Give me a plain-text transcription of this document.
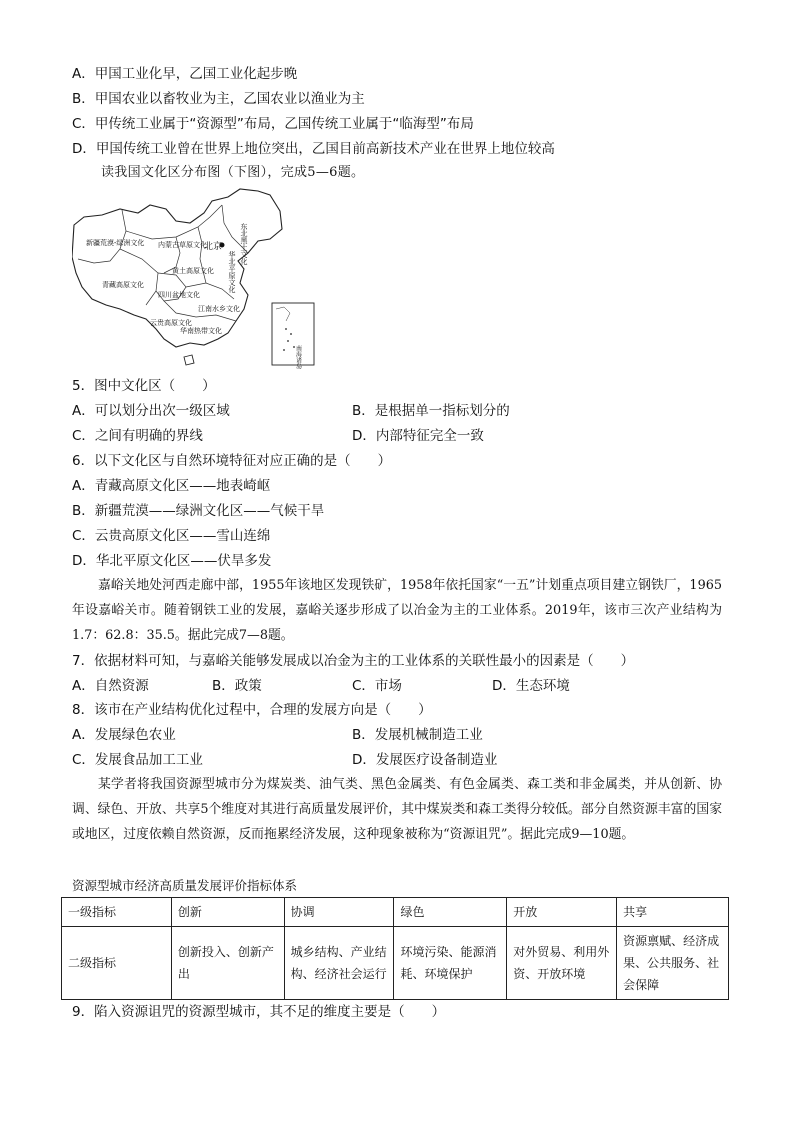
A．甲国工业化早，乙国工业化起步晚
B．甲国农业以畜牧业为主，乙国农业以渔业为主
C．甲传统工业属于“资源型”布局，乙国传统工业属于“临海型”布局
D．甲国传统工业曾在世界上地位突出，乙国目前高新技术产业在世界上地位较高
读我国文化区分布图（下图），完成5—6题。
东北黑土文化
新疆荒漠-绿洲文化 内蒙古草原文化
黄土高原文化
青藏高原文化
四川盆地文化
江南水乡文化
云贵高原文化
华南热带文化
北京
华北平原文化
南海诸岛
5．图中文化区（　　）
A．可以划分出次一级区域	B．是根据单一指标划分的
C．之间有明确的界线	D．内部特征完全一致
6．以下文化区与自然环境特征对应正确的是（　　）
A．青藏高原文化区——地表崎岖
B．新疆荒漠——绿洲文化区——气候干旱
C．云贵高原文化区——雪山连绵
D．华北平原文化区——伏旱多发
嘉峪关地处河西走廊中部，1955年该地区发现铁矿，1958年依托国家“一五”计划重点项目建立钢铁厂，1965年设嘉峪关市。随着钢铁工业的发展，嘉峪关逐步形成了以冶金为主的工业体系。2019年，该市三次产业结构为1.7：62.8：35.5。据此完成7—8题。
7．依据材料可知，与嘉峪关能够发展成以冶金为主的工业体系的关联性最小的因素是（　　）
A．自然资源	B．政策	C．市场	D．生态环境
8．该市在产业结构优化过程中，合理的发展方向是（　　）
A．发展绿色农业	B．发展机械制造工业
C．发展食品加工工业	D．发展医疗设备制造业
某学者将我国资源型城市分为煤炭类、油气类、黑色金属类、有色金属类、森工类和非金属类，并从创新、协调、绿色、开放、共享5个维度对其进行高质量发展评价，其中煤炭类和森工类得分较低。部分自然资源丰富的国家或地区，过度依赖自然资源，反而拖累经济发展，这种现象被称为“资源诅咒”。据此完成9—10题。
资源型城市经济高质量发展评价指标体系
一级指标	创新	协调	绿色	开放	共享
二级指标	创新投入、创新产出	城乡结构、产业结构、经济社会运行	环境污染、能源消耗、环境保护	对外贸易、利用外资、开放环境	资源禀赋、经济成果、公共服务、社会保障
9．陷入资源诅咒的资源型城市，其不足的维度主要是（　　）
